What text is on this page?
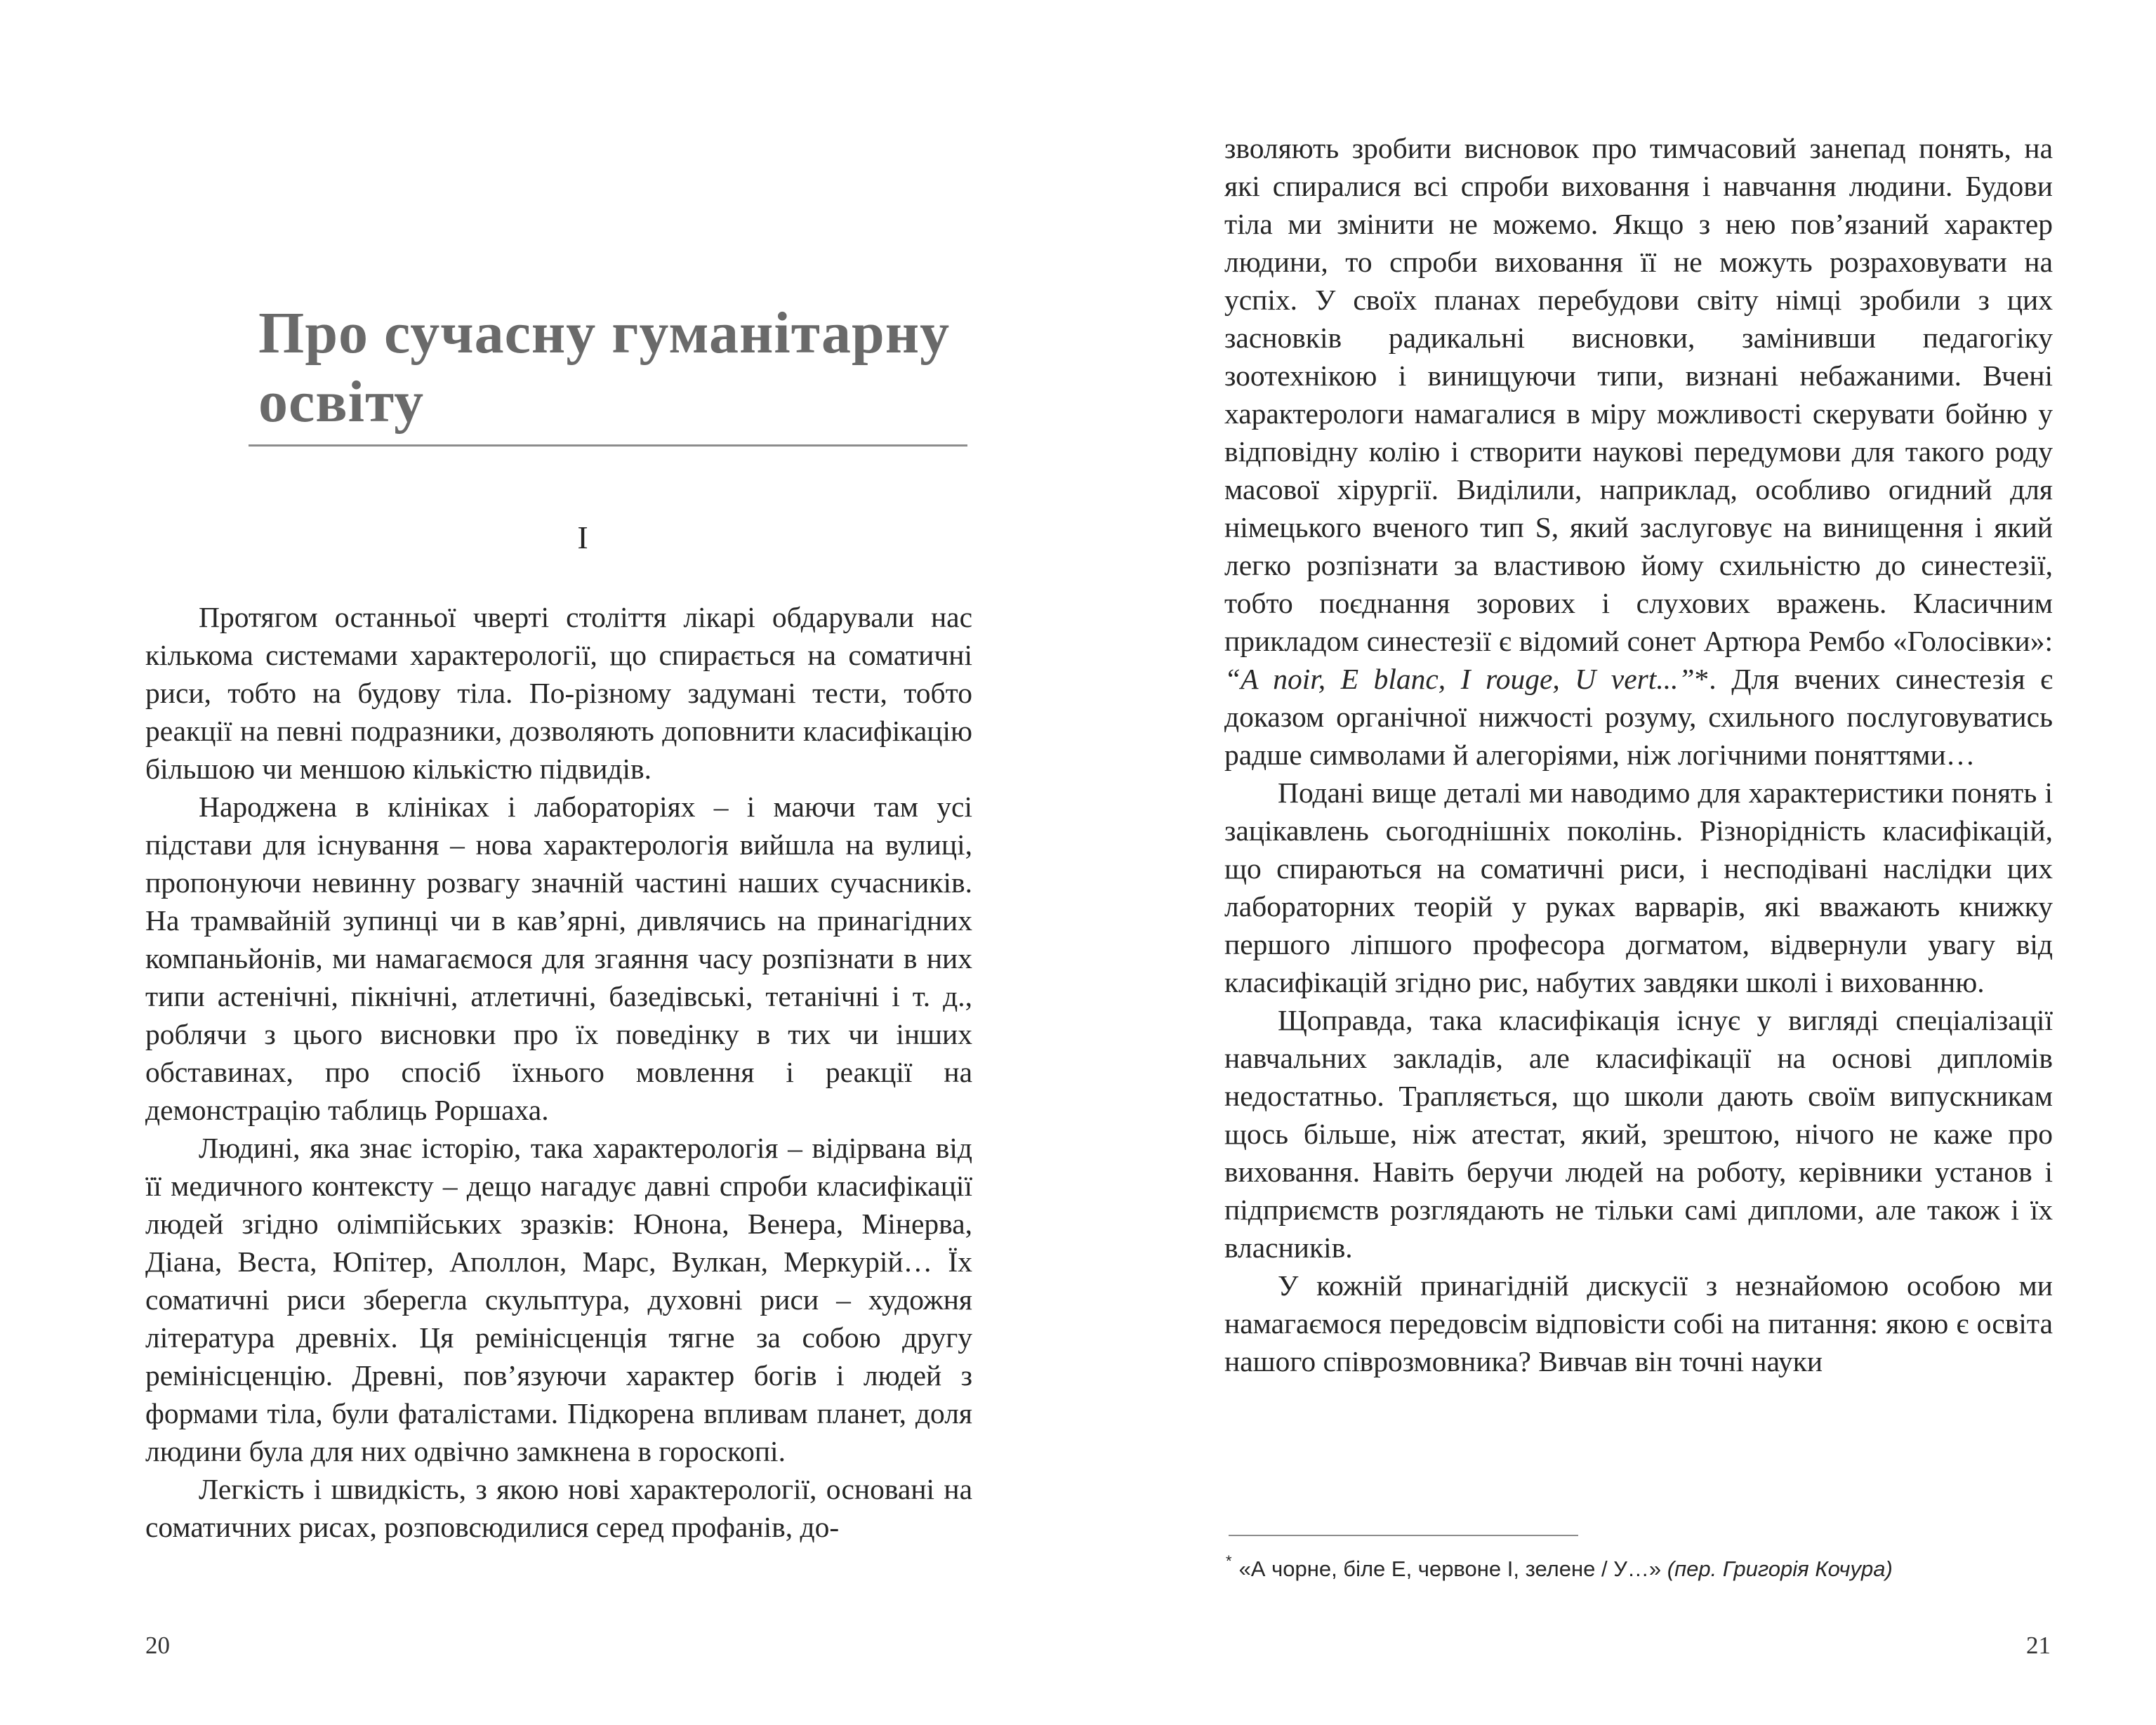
Про сучасну гуманітарну освіту

I

Протягом останньої чверті століття лікарі обдарували нас кількома системами характерології, що спирається на соматичні риси, тобто на будову тіла. По-різному задумані тести, тобто реакції на певні подразники, дозволяють доповнити класифікацію більшою чи меншою кількістю підвидів.

Народжена в клініках і лабораторіях – і маючи там усі підстави для існування – нова характерологія вийшла на вулиці, пропонуючи невинну розвагу значній частині наших сучасників. На трамвайній зупинці чи в кав’ярні, дивлячись на принагідних компаньйонів, ми намагаємося для згаяння часу розпізнати в них типи астенічні, пікнічні, атлетичні, базедівські, тетанічні і т. д., роблячи з цього висновки про їх поведінку в тих чи інших обставинах, про спосіб їхнього мовлення і реакції на демонстрацію таблиць Роршаха.

Людині, яка знає історію, така характерологія – відірвана від її медичного контексту – дещо нагадує давні спроби класифікації людей згідно олімпійських зразків: Юнона, Венера, Мінерва, Діана, Веста, Юпітер, Аполлон, Марс, Вулкан, Меркурій… Їх соматичні риси зберегла скульптура, духовні риси – художня література древніх. Ця ремінісценція тягне за собою другу ремінісценцію. Древні, пов’язуючи характер богів і людей з формами тіла, були фаталістами. Підкорена впливам планет, доля людини була для них одвічно замкнена в гороскопі.

Легкість і швидкість, з якою нові характерології, основані на соматичних рисах, розповсюдилися серед профанів, до-

20

зволяють зробити висновок про тимчасовий занепад понять, на які спиралися всі спроби виховання і навчання людини. Будови тіла ми змінити не можемо. Якщо з нею пов’язаний характер людини, то спроби виховання її не можуть розраховувати на успіх. У своїх планах перебудови світу німці зробили з цих засновків радикальні висновки, замінивши педагогіку зоотехнікою і винищуючи типи, визнані небажаними. Вчені характерологи намагалися в міру можливості скерувати бойню у відповідну колію і створити наукові передумови для такого роду масової хірургії. Виділили, наприклад, особливо огидний для німецького вченого тип S, який заслуговує на винищення і який легко розпізнати за властивою йому схильністю до синестезії, тобто поєднання зорових і слухових вражень. Класичним прикладом синестезії є відомий сонет Артюра Рембо «Голосівки»: “A noir, E blanc, I rouge, U vert...”*. Для вчених синестезія є доказом органічної нижчості розуму, схильного послуговуватись радше символами й алегоріями, ніж логічними поняттями…

Подані вище деталі ми наводимо для характеристики понять і зацікавлень сьогоднішніх поколінь. Різнорідність класифікацій, що спираються на соматичні риси, і несподівані наслідки цих лабораторних теорій у руках варварів, які вважають книжку першого ліпшого професора догматом, відвернули увагу від класифікацій згідно рис, набутих завдяки школі і вихованню.

Щоправда, така класифікація існує у вигляді спеціалізації навчальних закладів, але класифікації на основі дипломів недостатньо. Трапляється, що школи дають своїм випускникам щось більше, ніж атестат, який, зрештою, нічого не каже про виховання. Навіть беручи людей на роботу, керівники установ і підприємств розглядають не тільки самі дипломи, але також і їх власників.

У кожній принагідній дискусії з незнайомою особою ми намагаємося передовсім відповісти собі на питання: якою є освіта нашого співрозмовника? Вивчав він точні науки

* «А чорне, біле Е, червоне І, зелене / У…» (пер. Григорія Кочура)

21
